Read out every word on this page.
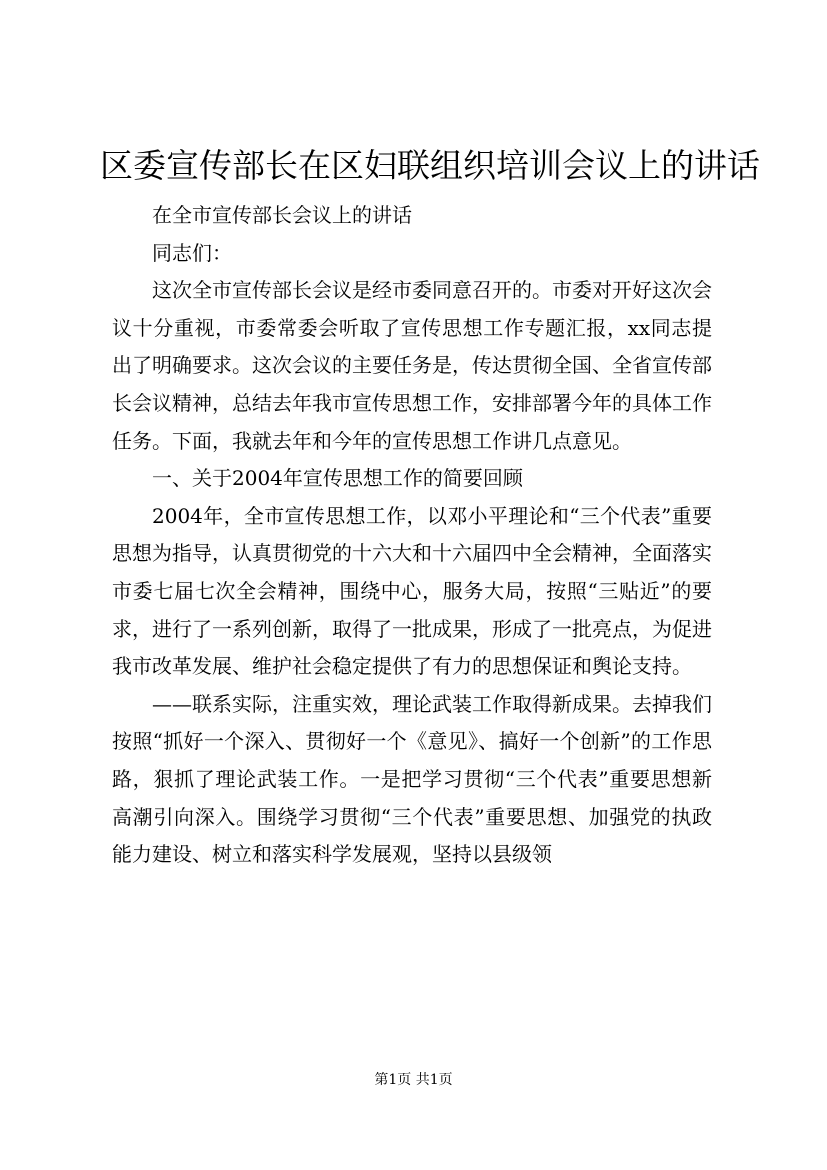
区委宣传部长在区妇联组织培训会议上的讲话

在全市宣传部长会议上的讲话

同志们：

这次全市宣传部长会议是经市委同意召开的。市委对开好这次会议十分重视，市委常委会听取了宣传思想工作专题汇报，xx同志提出了明确要求。这次会议的主要任务是，传达贯彻全国、全省宣传部长会议精神，总结去年我市宣传思想工作，安排部署今年的具体工作任务。下面，我就去年和今年的宣传思想工作讲几点意见。

一、关于2004年宣传思想工作的简要回顾

2004年，全市宣传思想工作，以邓小平理论和“三个代表”重要思想为指导，认真贯彻党的十六大和十六届四中全会精神，全面落实市委七届七次全会精神，围绕中心，服务大局，按照“三贴近”的要求，进行了一系列创新，取得了一批成果，形成了一批亮点，为促进我市改革发展、维护社会稳定提供了有力的思想保证和舆论支持。

——联系实际，注重实效，理论武装工作取得新成果。去掉我们按照“抓好一个深入、贯彻好一个《意见》、搞好一个创新”的工作思路，狠抓了理论武装工作。一是把学习贯彻“三个代表”重要思想新高潮引向深入。围绕学习贯彻“三个代表”重要思想、加强党的执政能力建设、树立和落实科学发展观，坚持以县级领

第1页 共1页
